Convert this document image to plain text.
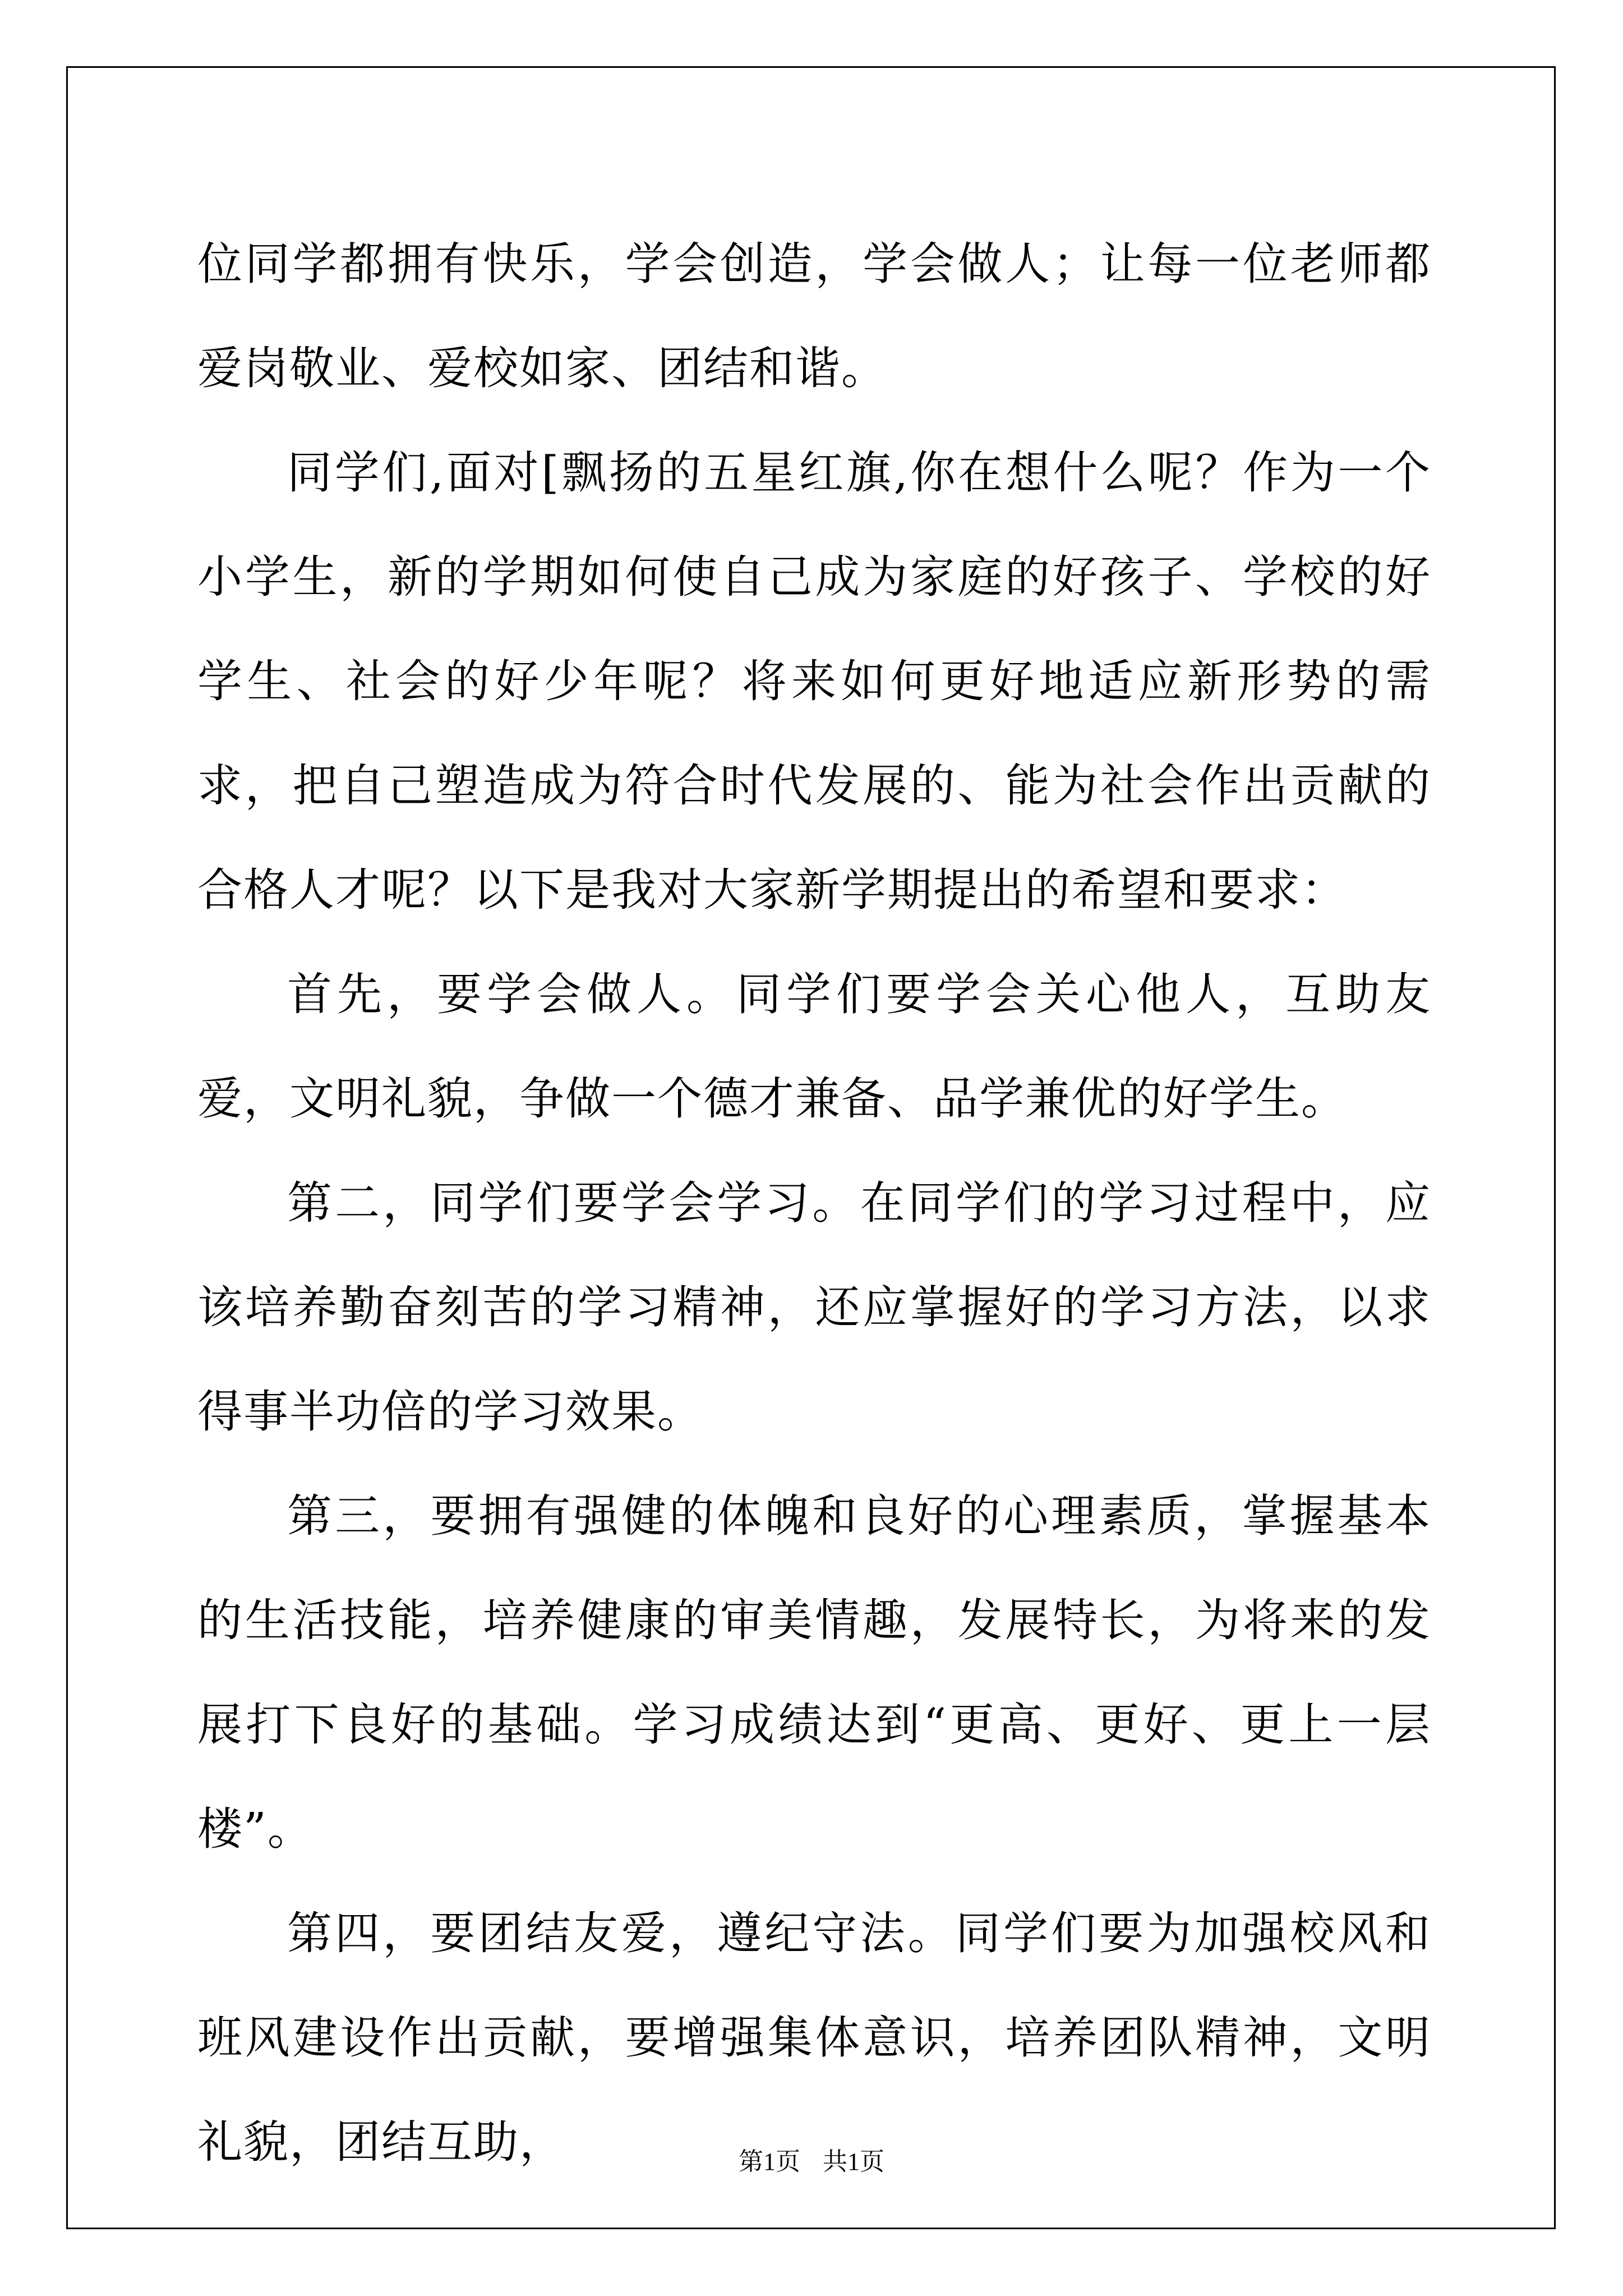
位同学都拥有快乐，学会创造，学会做人；让每一位老师都爱岗敬业、爱校如家、团结和谐。

同学们,面对[飘扬的五星红旗,你在想什么呢？作为一个小学生，新的学期如何使自己成为家庭的好孩子、学校的好学生、社会的好少年呢？将来如何更好地适应新形势的需求，把自己塑造成为符合时代发展的、能为社会作出贡献的合格人才呢？以下是我对大家新学期提出的希望和要求：

首先，要学会做人。同学们要学会关心他人，互助友爱，文明礼貌，争做一个德才兼备、品学兼优的好学生。

第二，同学们要学会学习。在同学们的学习过程中，应该培养勤奋刻苦的学习精神，还应掌握好的学习方法，以求得事半功倍的学习效果。

第三，要拥有强健的体魄和良好的心理素质，掌握基本的生活技能，培养健康的审美情趣，发展特长，为将来的发展打下良好的基础。学习成绩达到“更高、更好、更上一层楼”。

第四，要团结友爱，遵纪守法。同学们要为加强校风和班风建设作出贡献，要增强集体意识，培养团队精神，文明礼貌，团结互助，	第1页 共1页
